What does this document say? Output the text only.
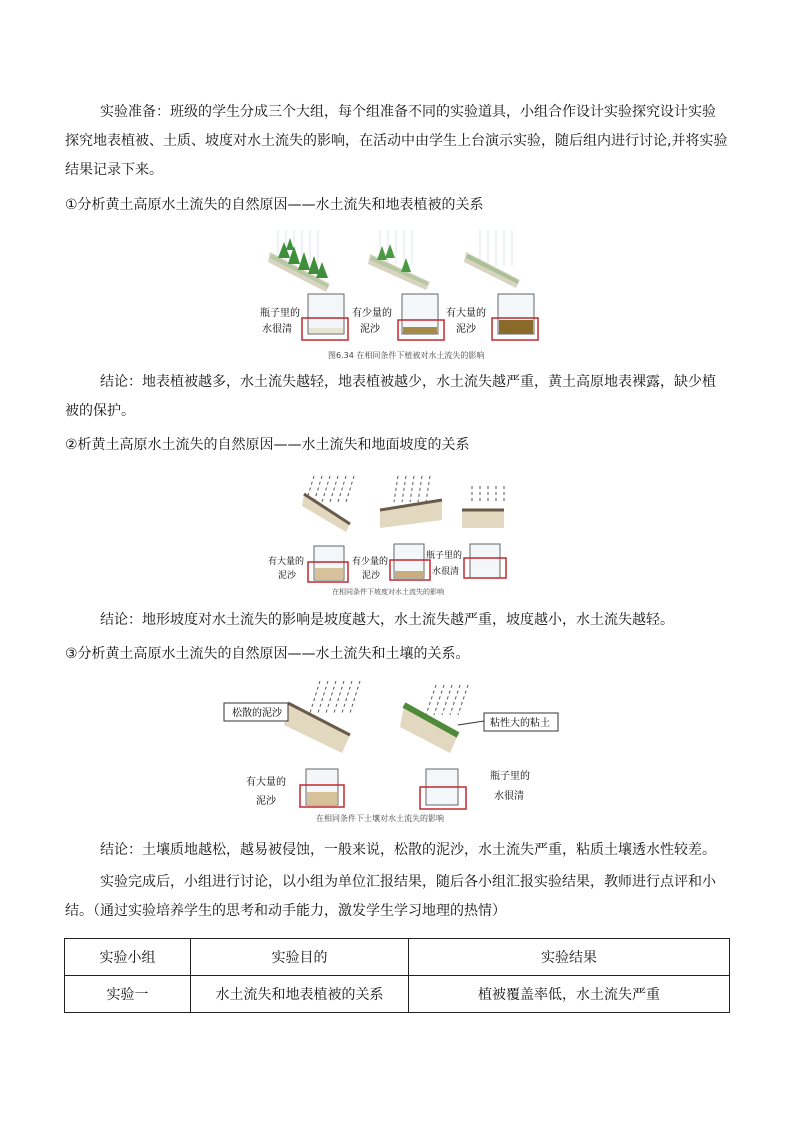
实验准备：班级的学生分成三个大组，每个组准备不同的实验道具，小组合作设计实验探究设计实验探究地表植被、土质、坡度对水土流失的影响，在活动中由学生上台演示实验，随后组内进行讨论,并将实验结果记录下来。
①分析黄土高原水土流失的自然原因——水土流失和地表植被的关系
瓶子里的
水很清
有少量的
泥沙
有大量的
泥沙
图6.34 在相同条件下植被对水土流失的影响
结论：地表植被越多，水土流失越轻，地表植被越少，水土流失越严重，黄土高原地表裸露，缺少植被的保护。
②析黄土高原水土流失的自然原因——水土流失和地面坡度的关系
有大量的
泥沙
有少量的
泥沙
瓶子里的
水很清
在相同条件下坡度对水土流失的影响
结论：地形坡度对水土流失的影响是坡度越大，水土流失越严重，坡度越小，水土流失越轻。
③分析黄土高原水土流失的自然原因——水土流失和土壤的关系。
松散的泥沙
粘性大的粘土
有大量的
泥沙
瓶子里的
水很清
在相同条件下土壤对水土流失的影响
结论：土壤质地越松，越易被侵蚀，一般来说，松散的泥沙，水土流失严重，粘质土壤透水性较差。
实验完成后，小组进行讨论，以小组为单位汇报结果，随后各小组汇报实验结果，教师进行点评和小结。（通过实验培养学生的思考和动手能力，激发学生学习地理的热情）
实验小组	实验目的	实验结果
实验一	水土流失和地表植被的关系	植被覆盖率低，水土流失严重
